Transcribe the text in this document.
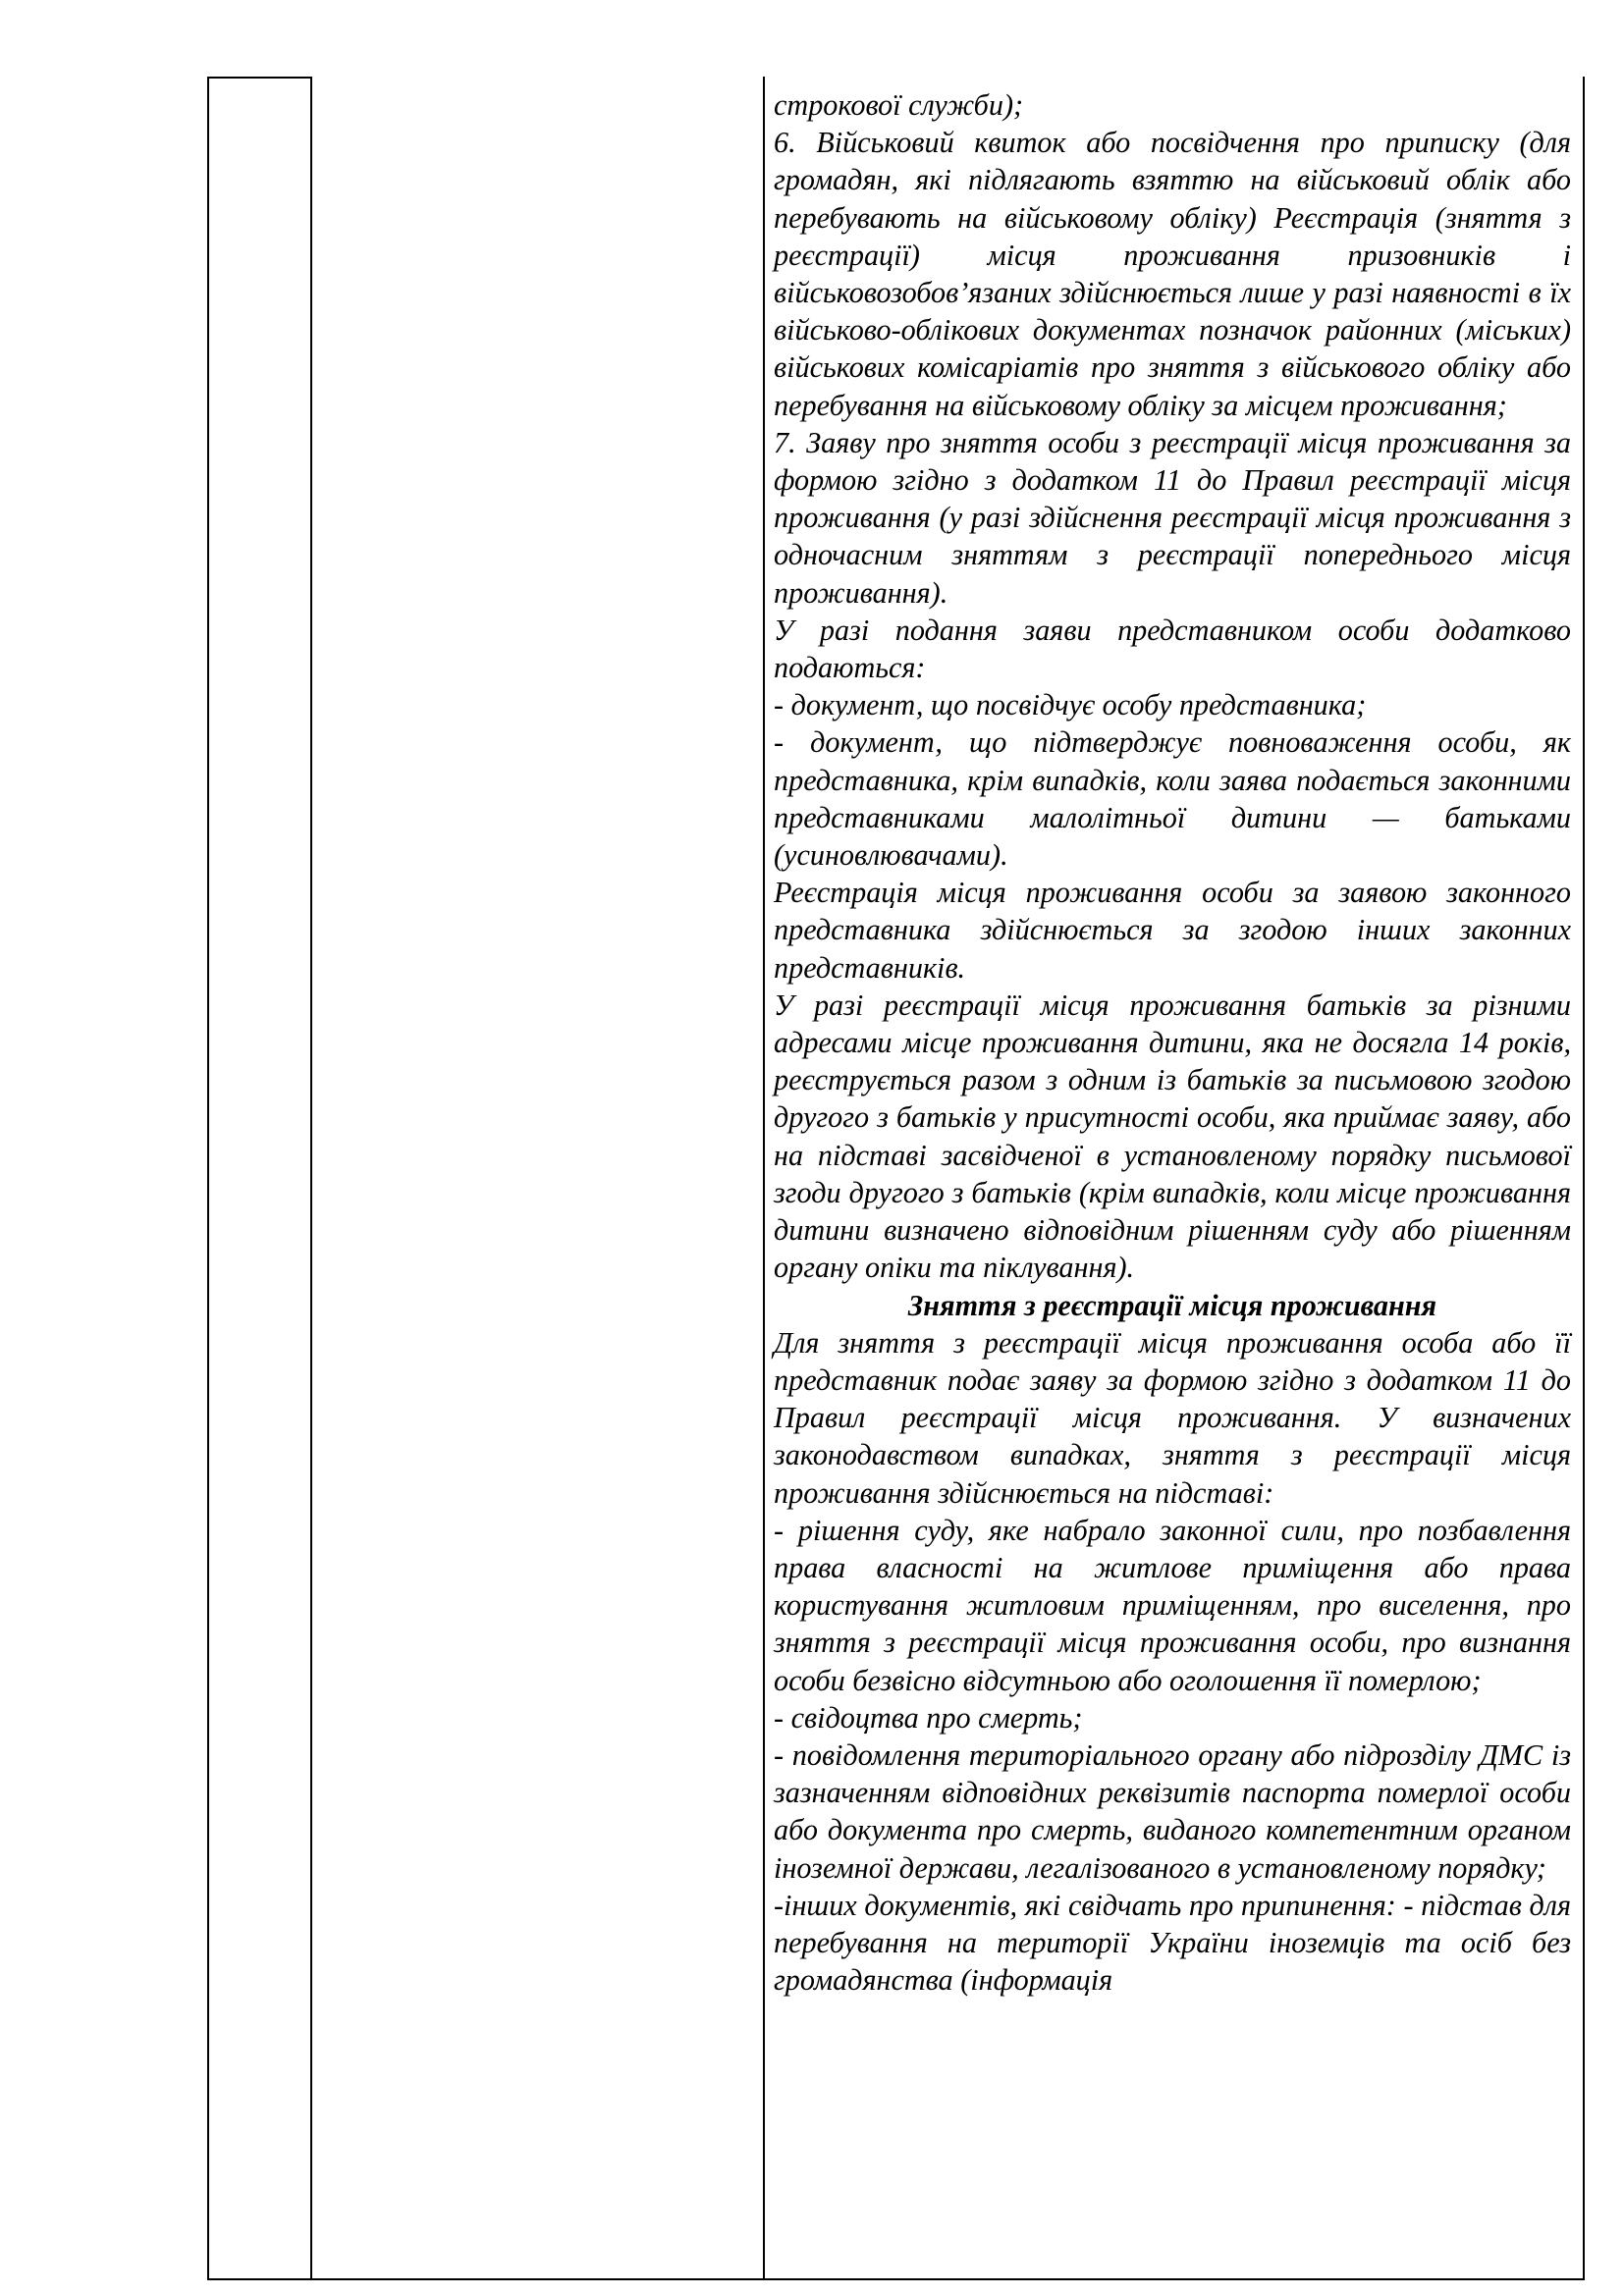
строкової служби);

6. Військовий квиток або посвідчення про приписку (для громадян, які підлягають взяттю на військовий облік або перебувають на військовому обліку) Реєстрація (зняття з реєстрації) місця проживання призовників і військовозобов’язаних здійснюється лише у разі наявності в їх військово-облікових документах позначок районних (міських) військових комісаріатів про зняття з військового обліку або перебування на військовому обліку за місцем проживання;

7. Заяву про зняття особи з реєстрації місця проживання за формою згідно з додатком 11 до Правил реєстрації місця проживання (у разі здійснення реєстрації місця проживання з одночасним зняттям з реєстрації попереднього місця проживання).

У разі подання заяви представником особи додатково подаються:

- документ, що посвідчує особу представника;

- документ, що підтверджує повноваження особи, як представника, крім випадків, коли заява подається законними представниками малолітньої дитини — батьками (усиновлювачами).

Реєстрація місця проживання особи за заявою законного представника здійснюється за згодою інших законних представників.

У разі реєстрації місця проживання батьків за різними адресами місце проживання дитини, яка не досягла 14 років, реєструється разом з одним із батьків за письмовою згодою другого з батьків у присутності особи, яка приймає заяву, або на підставі засвідченої в установленому порядку письмової згоди другого з батьків (крім випадків, коли місце проживання дитини визначено відповідним рішенням суду або рішенням органу опіки та піклування).

Зняття з реєстрації місця проживання

Для зняття з реєстрації місця проживання особа або її представник подає заяву за формою згідно з додатком 11 до Правил реєстрації місця проживання. У визначених законодавством випадках, зняття з реєстрації місця проживання здійснюється на підставі:

- рішення суду, яке набрало законної сили, про позбавлення права власності на житлове приміщення або права користування житловим приміщенням, про виселення, про зняття з реєстрації місця проживання особи, про визнання особи безвісно відсутньою або оголошення її померлою;

- свідоцтва про смерть;

- повідомлення територіального органу або підрозділу ДМС із зазначенням відповідних реквізитів паспорта померлої особи або документа про смерть, виданого компетентним органом іноземної держави, легалізованого в установленому порядку;

-інших документів, які свідчать про припинення: - підстав для перебування на території України іноземців та осіб без громадянства (інформація
